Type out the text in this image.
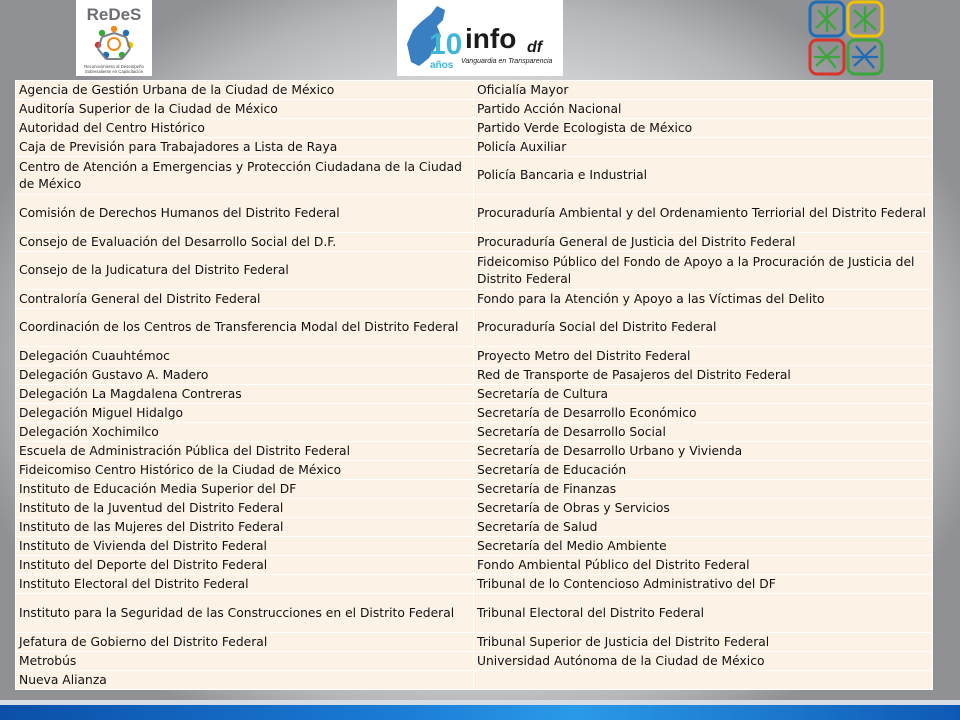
ReDeS
Reconocimiento al Desempeño
Sobresaliente en Capacitación
10
años
info df
Vanguardia en Transparencia
Agencia de Gestión Urbana de la Ciudad de México	Oficialía Mayor
Auditoría Superior de la Ciudad de México	Partido Acción Nacional
Autoridad del Centro Histórico	Partido Verde Ecologista de México
Caja de Previsión para Trabajadores a Lista de Raya	Policía Auxiliar
Centro de Atención a Emergencias y Protección Ciudadana de la Ciudad de México	Policía Bancaria e Industrial
Comisión de Derechos Humanos del Distrito Federal	Procuraduría Ambiental y del Ordenamiento Terriorial del Distrito Federal
Consejo de Evaluación del Desarrollo Social del D.F.	Procuraduría General de Justicia del Distrito Federal
Consejo de la Judicatura del Distrito Federal	Fideicomiso Público del Fondo de Apoyo a la Procuración de Justicia del Distrito Federal
Contraloría General del Distrito Federal	Fondo para la Atención y Apoyo a las Víctimas del Delito
Coordinación de los Centros de Transferencia Modal del Distrito Federal	Procuraduría Social del Distrito Federal
Delegación Cuauhtémoc	Proyecto Metro del Distrito Federal
Delegación Gustavo A. Madero	Red de Transporte de Pasajeros del Distrito Federal
Delegación La Magdalena Contreras	Secretaría de Cultura
Delegación Miguel Hidalgo	Secretaría de Desarrollo Económico
Delegación Xochimilco	Secretaría de Desarrollo Social
Escuela de Administración Pública del Distrito Federal	Secretaría de Desarrollo Urbano y Vivienda
Fideicomiso Centro Histórico de la Ciudad de México	Secretaría de Educación
Instituto de Educación Media Superior del DF	Secretaría de Finanzas
Instituto de la Juventud del Distrito Federal	Secretaría de Obras y Servicios
Instituto de las Mujeres del Distrito Federal	Secretaría de Salud
Instituto de Vivienda del Distrito Federal	Secretaría del Medio Ambiente
Instituto del Deporte del Distrito Federal	Fondo Ambiental Público del Distrito Federal
Instituto Electoral del Distrito Federal	Tribunal de lo Contencioso Administrativo del DF
Instituto para la Seguridad de las Construcciones en el Distrito Federal	Tribunal Electoral del Distrito Federal
Jefatura de Gobierno del Distrito Federal	Tribunal Superior de Justicia del Distrito Federal
Metrobús	Universidad Autónoma de la Ciudad de México
Nueva Alianza	
